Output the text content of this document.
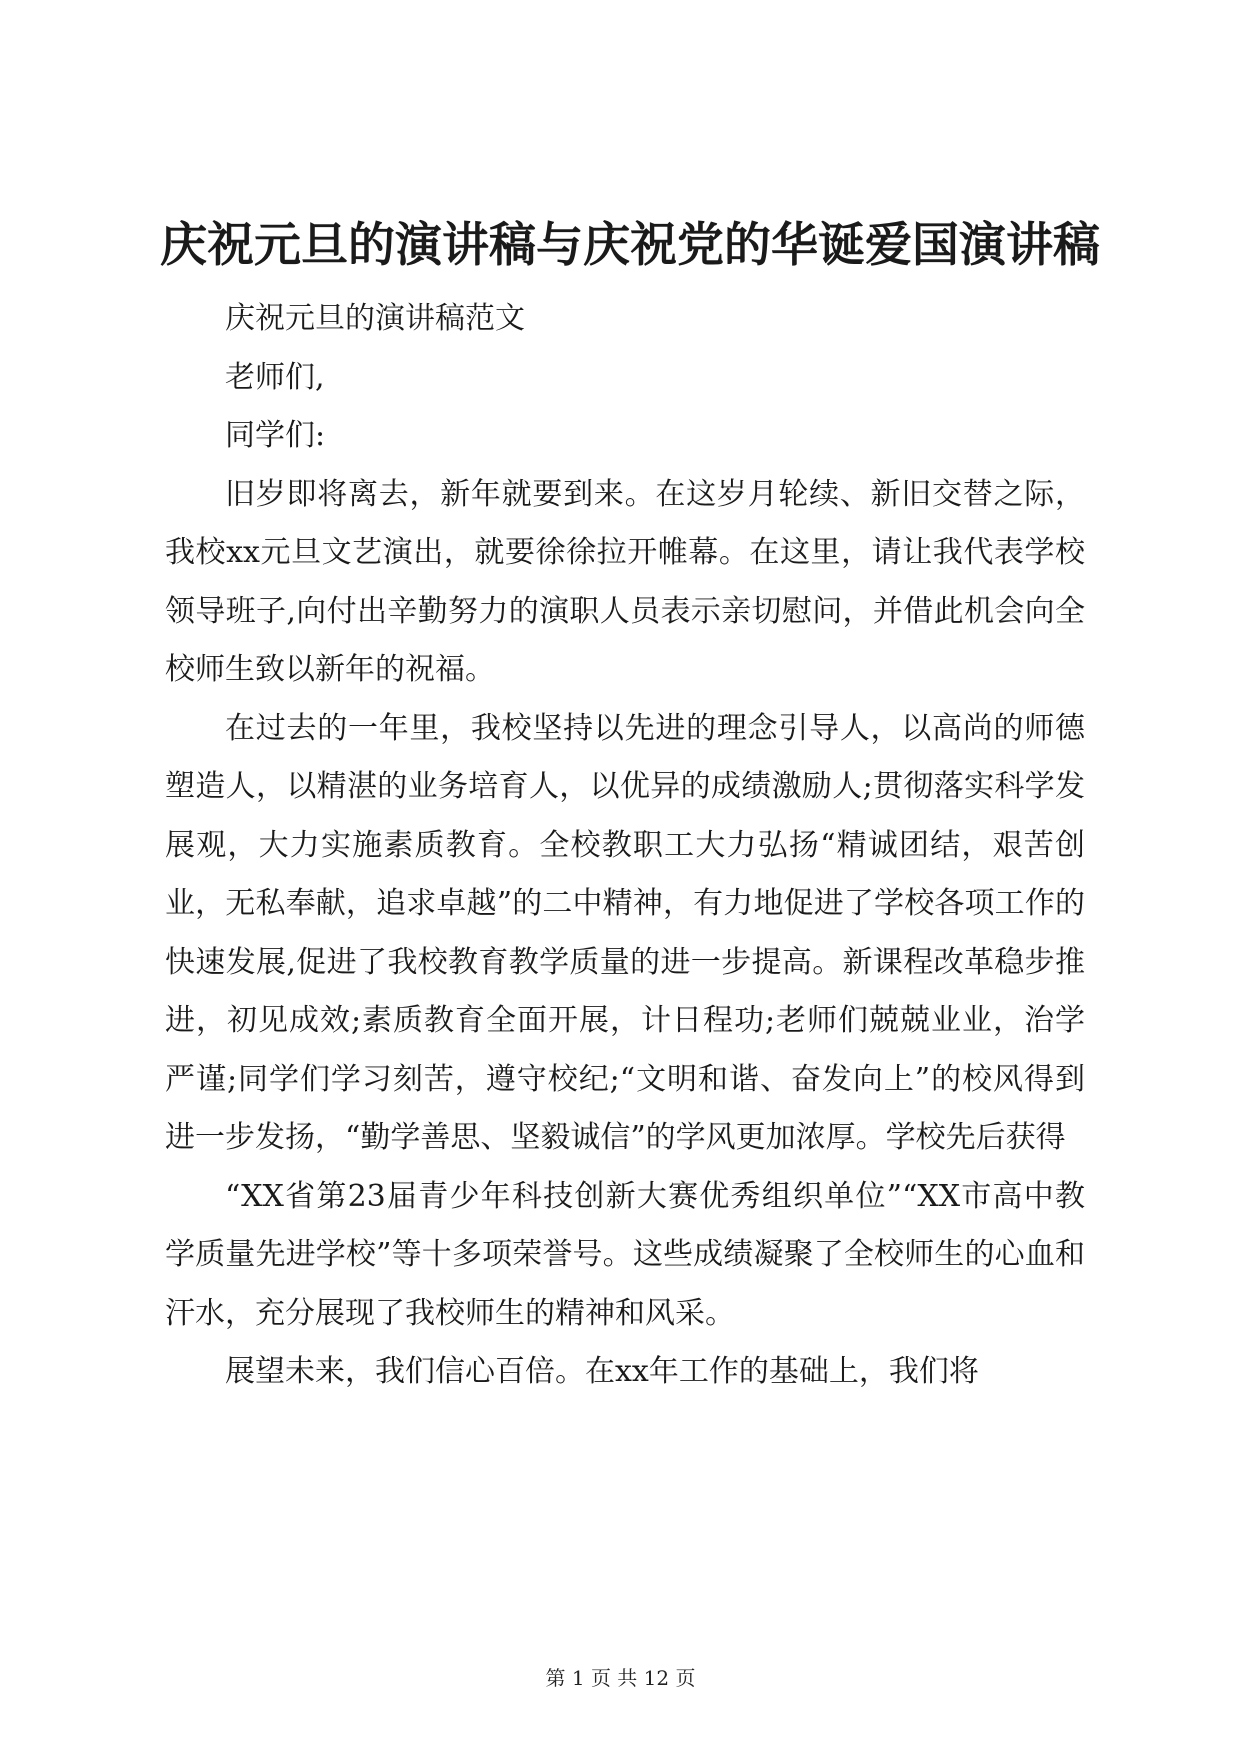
庆祝元旦的演讲稿与庆祝党的华诞爱国演讲稿

庆祝元旦的演讲稿范文

老师们,

同学们:

旧岁即将离去，新年就要到来。在这岁月轮续、新旧交替之际，我校xx元旦文艺演出，就要徐徐拉开帷幕。在这里，请让我代表学校领导班子,向付出辛勤努力的演职人员表示亲切慰问，并借此机会向全校师生致以新年的祝福。

在过去的一年里，我校坚持以先进的理念引导人，以高尚的师德塑造人，以精湛的业务培育人，以优异的成绩激励人;贯彻落实科学发展观，大力实施素质教育。全校教职工大力弘扬“精诚团结，艰苦创业，无私奉献，追求卓越”的二中精神，有力地促进了学校各项工作的快速发展,促进了我校教育教学质量的进一步提高。新课程改革稳步推进，初见成效;素质教育全面开展，计日程功;老师们兢兢业业，治学严谨;同学们学习刻苦，遵守校纪;“文明和谐、奋发向上”的校风得到进一步发扬，“勤学善思、坚毅诚信”的学风更加浓厚。学校先后获得

“XX省第23届青少年科技创新大赛优秀组织单位”“XX市高中教学质量先进学校”等十多项荣誉号。这些成绩凝聚了全校师生的心血和汗水，充分展现了我校师生的精神和风采。

展望未来，我们信心百倍。在xx年工作的基础上，我们将

第 1 页 共 12 页
